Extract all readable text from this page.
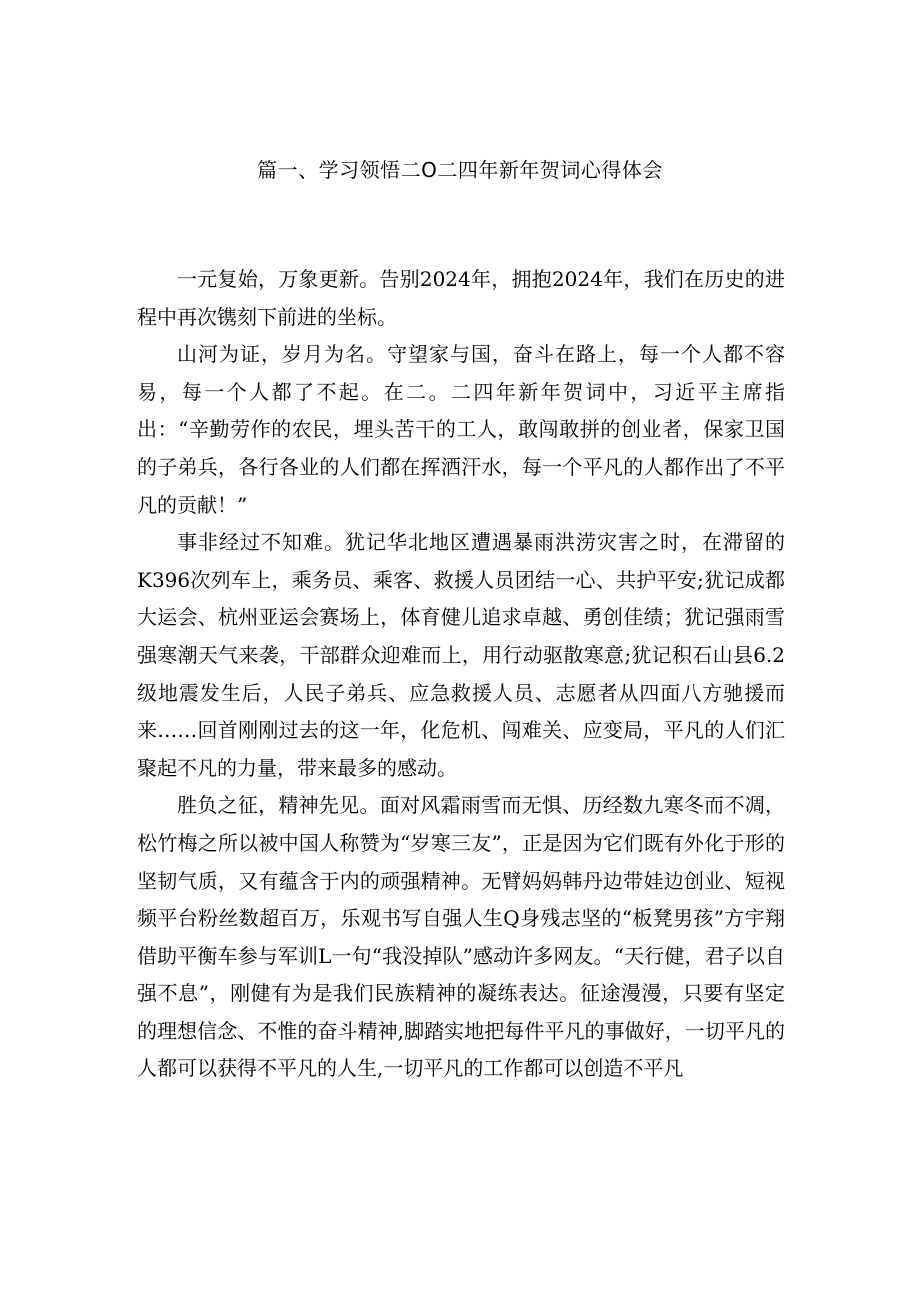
篇一、学习领悟二O二四年新年贺词心得体会

一元复始，万象更新。告别2024年，拥抱2024年，我们在历史的进程中再次镌刻下前进的坐标。

山河为证，岁月为名。守望家与国，奋斗在路上，每一个人都不容易，每一个人都了不起。在二。二四年新年贺词中，习近平主席指出：“辛勤劳作的农民，埋头苦干的工人，敢闯敢拼的创业者，保家卫国的子弟兵，各行各业的人们都在挥洒汗水，每一个平凡的人都作出了不平凡的贡献！”

事非经过不知难。犹记华北地区遭遇暴雨洪涝灾害之时，在滞留的K396次列车上，乘务员、乘客、救援人员团结一心、共护平安;犹记成都大运会、杭州亚运会赛场上，体育健儿追求卓越、勇创佳绩；犹记强雨雪强寒潮天气来袭，干部群众迎难而上，用行动驱散寒意;犹记积石山县6.2级地震发生后，人民子弟兵、应急救援人员、志愿者从四面八方驰援而来……回首刚刚过去的这一年，化危机、闯难关、应变局，平凡的人们汇聚起不凡的力量，带来最多的感动。

胜负之征，精神先见。面对风霜雨雪而无惧、历经数九寒冬而不凋，松竹梅之所以被中国人称赞为“岁寒三友”，正是因为它们既有外化于形的坚韧气质，又有蕴含于内的顽强精神。无臂妈妈韩丹边带娃边创业、短视频平台粉丝数超百万，乐观书写自强人生Q身残志坚的“板凳男孩”方宇翔借助平衡车参与军训L一句“我没掉队”感动许多网友。“天行健，君子以自强不息”，刚健有为是我们民族精神的凝练表达。征途漫漫，只要有坚定的理想信念、不惟的奋斗精神,脚踏实地把每件平凡的事做好，一切平凡的人都可以获得不平凡的人生,一切平凡的工作都可以创造不平凡
